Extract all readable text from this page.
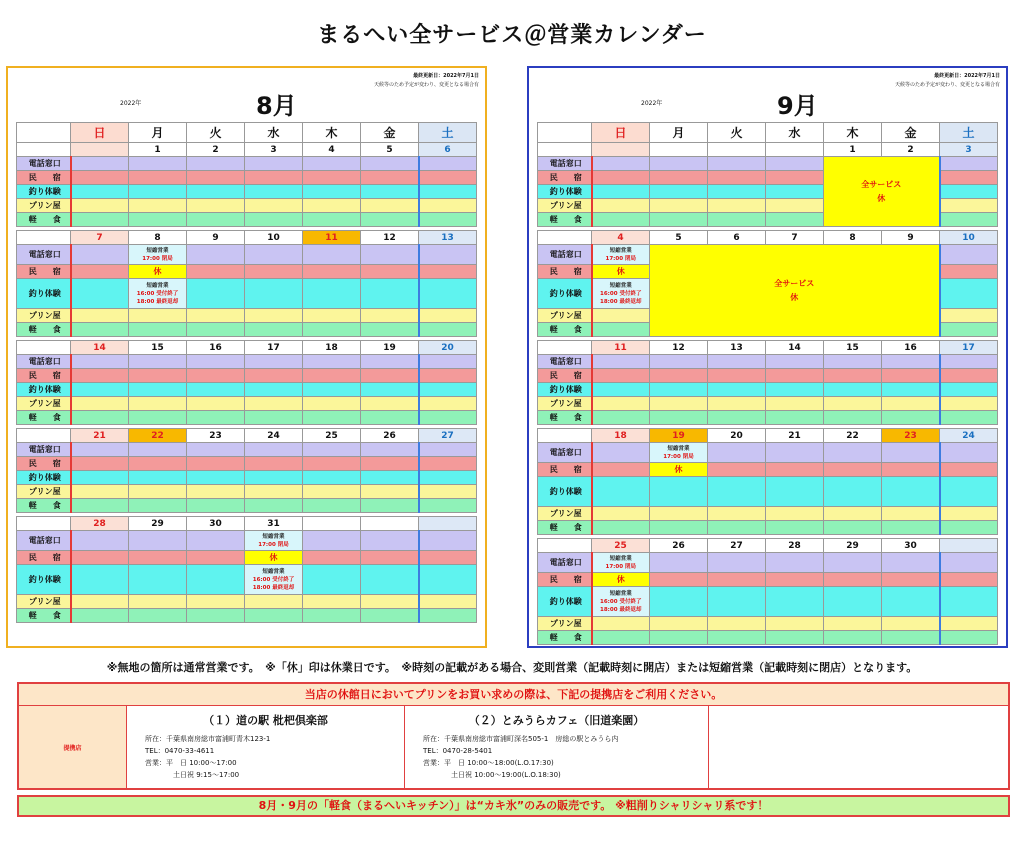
まるへい全サービス＠営業カレンダー
最終更新日：2022年7月1日
天候等のため予定が変わり、変更となる場合有
2022年	8月
	日	月	火	水	木	金	土
		1	2	3	4	5	6
電話窓口							
民　　宿							
釣り体験							
プリン屋							
軽　　食							

	7	8	9	10	11	12	13
電話窓口		短縮営業
17:00 閉局					

民　　宿		休					
釣り体験		短縮営業
16:00 受付終了
18:00 最終返却					

プリン屋							
軽　　食							

	14	15	16	17	18	19	20
電話窓口							
民　　宿							
釣り体験							
プリン屋							
軽　　食							

	21	22	23	24	25	26	27
電話窓口							
民　　宿							
釣り体験							
プリン屋							
軽　　食							

	28	29	30	31			
電話窓口				短縮営業
17:00 閉局			

民　　宿				休			
釣り体験				短縮営業
16:00 受付終了
18:00 最終返却			

プリン屋							
軽　　食							
最終更新日：2022年7月1日
天候等のため予定が変わり、変更となる場合有
2022年	9月
	日	月	火	水	木	金	土
					1	2	3
電話窓口					全サービス
休		
民　　宿							
釣り体験							
プリン屋							
軽　　食							

	4	5	6	7	8	9	10
電話窓口	短縮営業
17:00 閉局	全サービス
休					
民　　宿	休						
釣り体験	短縮営業
16:00 受付終了
18:00 最終返却						

プリン屋							
軽　　食							

	11	12	13	14	15	16	17
電話窓口							
民　　宿							
釣り体験							
プリン屋							
軽　　食							

	18	19	20	21	22	23	24
電話窓口		短縮営業
17:00 閉局					

民　　宿		休					
釣り体験							
プリン屋							
軽　　食							

	25	26	27	28	29	30	
電話窓口	短縮営業
17:00 閉局						

民　　宿	休						
釣り体験	短縮営業
16:00 受付終了
18:00 最終返却						

プリン屋							
軽　　食							
※無地の箇所は通常営業です。　※「休」印は休業日です。　※時刻の記載がある場合、変則営業（記載時刻に開店）または短縮営業（記載時刻に閉店）となります。
当店の休館日においてプリンをお買い求めの際は、下記の提携店をご利用ください。
提携店
（１）道の駅 枇杷倶楽部
所在：千葉県南房総市富浦町青木123-1
TEL：0470-33-4611
営業：平　日 10:00～17:00
土日祝 9:15～17:00
（２）とみうらカフェ（旧道楽園）
所在：千葉県南房総市富浦町深名505-1　房総の駅とみうら内
TEL：0470-28-5401
営業：平　日 10:00～18:00(L.O.17:30)
土日祝 10:00～19:00(L.O.18:30)
8月・9月の「軽食（まるへいキッチン）」は“カキ氷”のみの販売です。 ※粗削りシャリシャリ系です！
